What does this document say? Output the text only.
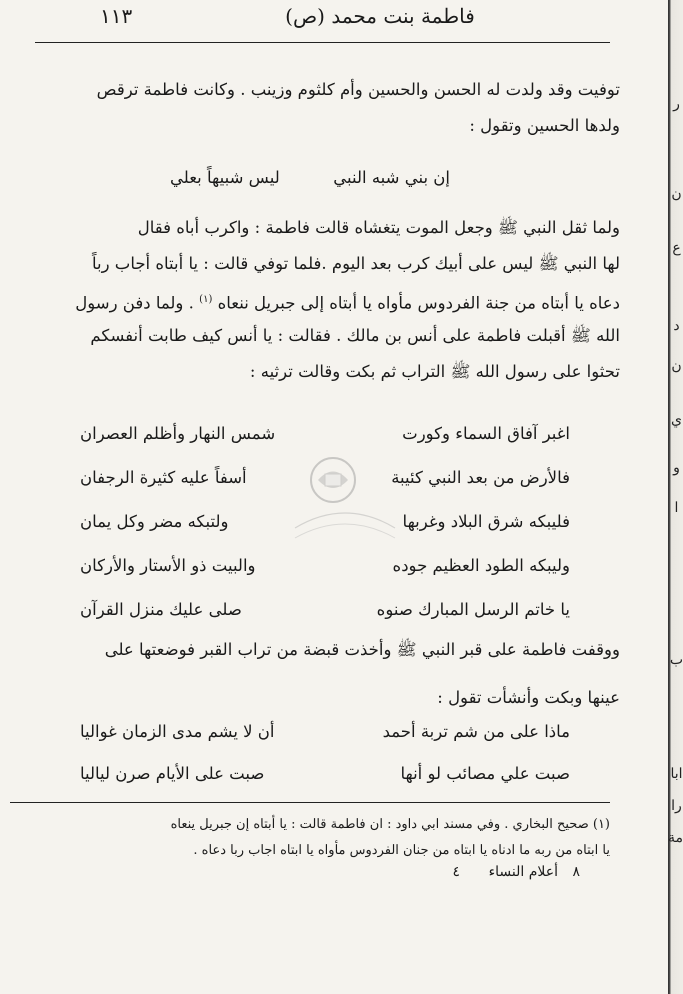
فاطمة بنت محمد (ص)
١١٣
توفيت وقد ولدت له الحسن والحسين وأم كلثوم وزينب . وكانت فاطمة ترقص
ولدها الحسين وتقول :
إن بني شبه النبي
ليس شبيهاً بعلي
ولما ثقل النبي ﷺ وجعل الموت يتغشاه قالت فاطمة : واكرب أباه فقال
لها النبي ﷺ ليس على أبيك كرب بعد اليوم .فلما توفي قالت : يا أبتاه أجاب رباً
دعاه يا أبتاه من جنة الفردوس مأواه يا أبتاه إلى جبريل ننعاه $^{(١)}$ . ولما دفن رسول
الله ﷺ أقبلت فاطمة على أنس بن مالك . فقالت : يا أنس كيف طابت أنفسكم
تحثوا على رسول الله ﷺ التراب ثم بكت وقالت ترثيه :
اغبر آفاق السماء وكورت
شمس النهار وأظلم العصران
فالأرض من بعد النبي كئيبة
أسفاً عليه كثيرة الرجفان
فليبكه شرق البلاد وغربها
ولتبكه مضر وكل يمان
وليبكه الطود العظيم جوده
والبيت ذو الأستار والأركان
يا خاتم الرسل المبارك صنوه
صلى عليك منزل القرآن
ووقفت فاطمة على قبر النبي ﷺ وأخذت قبضة من تراب القبر فوضعتها على
عينها وبكت وأنشأت تقول :
ماذا على من شم تربة أحمد
أن لا يشم مدى الزمان غواليا
صبت علي مصائب لو أنها
صبت على الأيام صرن لياليا
(١) صحيح البخاري . وفي مسند ابي داود : ان فاطمة قالت : يا أبتاه إن جبريل ينعاه
يا ابتاه من ربه ما ادناه يا ابتاه من جنان الفردوس مأواه يا ابتاه اجاب ربا دعاه .
٨
أعلام النساء
٤
ر
ن
ع
د
ن
ي
و
ا
ب
ابا
را
مة
